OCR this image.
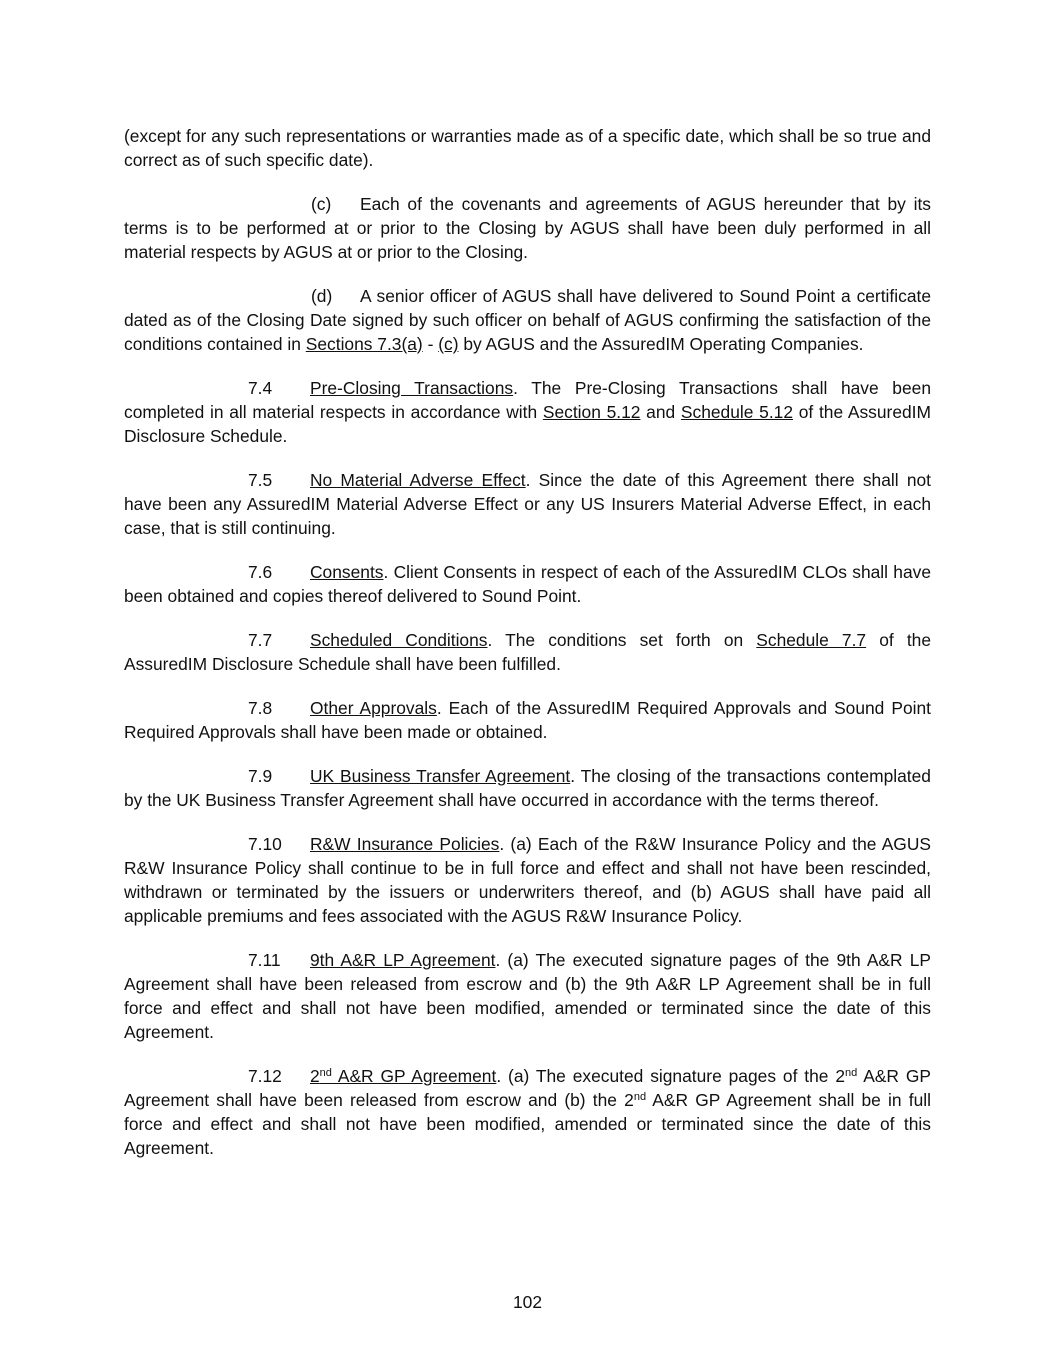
(except for any such representations or warranties made as of a specific date, which shall be so true and correct as of such specific date).

(c) Each of the covenants and agreements of AGUS hereunder that by its terms is to be performed at or prior to the Closing by AGUS shall have been duly performed in all material respects by AGUS at or prior to the Closing.

(d) A senior officer of AGUS shall have delivered to Sound Point a certificate dated as of the Closing Date signed by such officer on behalf of AGUS confirming the satisfaction of the conditions contained in Sections 7.3(a) - (c) by AGUS and the AssuredIM Operating Companies.

7.4 Pre-Closing Transactions. The Pre-Closing Transactions shall have been completed in all material respects in accordance with Section 5.12 and Schedule 5.12 of the AssuredIM Disclosure Schedule.

7.5 No Material Adverse Effect. Since the date of this Agreement there shall not have been any AssuredIM Material Adverse Effect or any US Insurers Material Adverse Effect, in each case, that is still continuing.

7.6 Consents. Client Consents in respect of each of the AssuredIM CLOs shall have been obtained and copies thereof delivered to Sound Point.

7.7 Scheduled Conditions. The conditions set forth on Schedule 7.7 of the AssuredIM Disclosure Schedule shall have been fulfilled.

7.8 Other Approvals. Each of the AssuredIM Required Approvals and Sound Point Required Approvals shall have been made or obtained.

7.9 UK Business Transfer Agreement. The closing of the transactions contemplated by the UK Business Transfer Agreement shall have occurred in accordance with the terms thereof.

7.10 R&W Insurance Policies. (a) Each of the R&W Insurance Policy and the AGUS R&W Insurance Policy shall continue to be in full force and effect and shall not have been rescinded, withdrawn or terminated by the issuers or underwriters thereof, and (b) AGUS shall have paid all applicable premiums and fees associated with the AGUS R&W Insurance Policy.

7.11 9th A&R LP Agreement. (a) The executed signature pages of the 9th A&R LP Agreement shall have been released from escrow and (b) the 9th A&R LP Agreement shall be in full force and effect and shall not have been modified, amended or terminated since the date of this Agreement.

7.12 2nd A&R GP Agreement. (a) The executed signature pages of the 2nd A&R GP Agreement shall have been released from escrow and (b) the 2nd A&R GP Agreement shall be in full force and effect and shall not have been modified, amended or terminated since the date of this Agreement.

102
